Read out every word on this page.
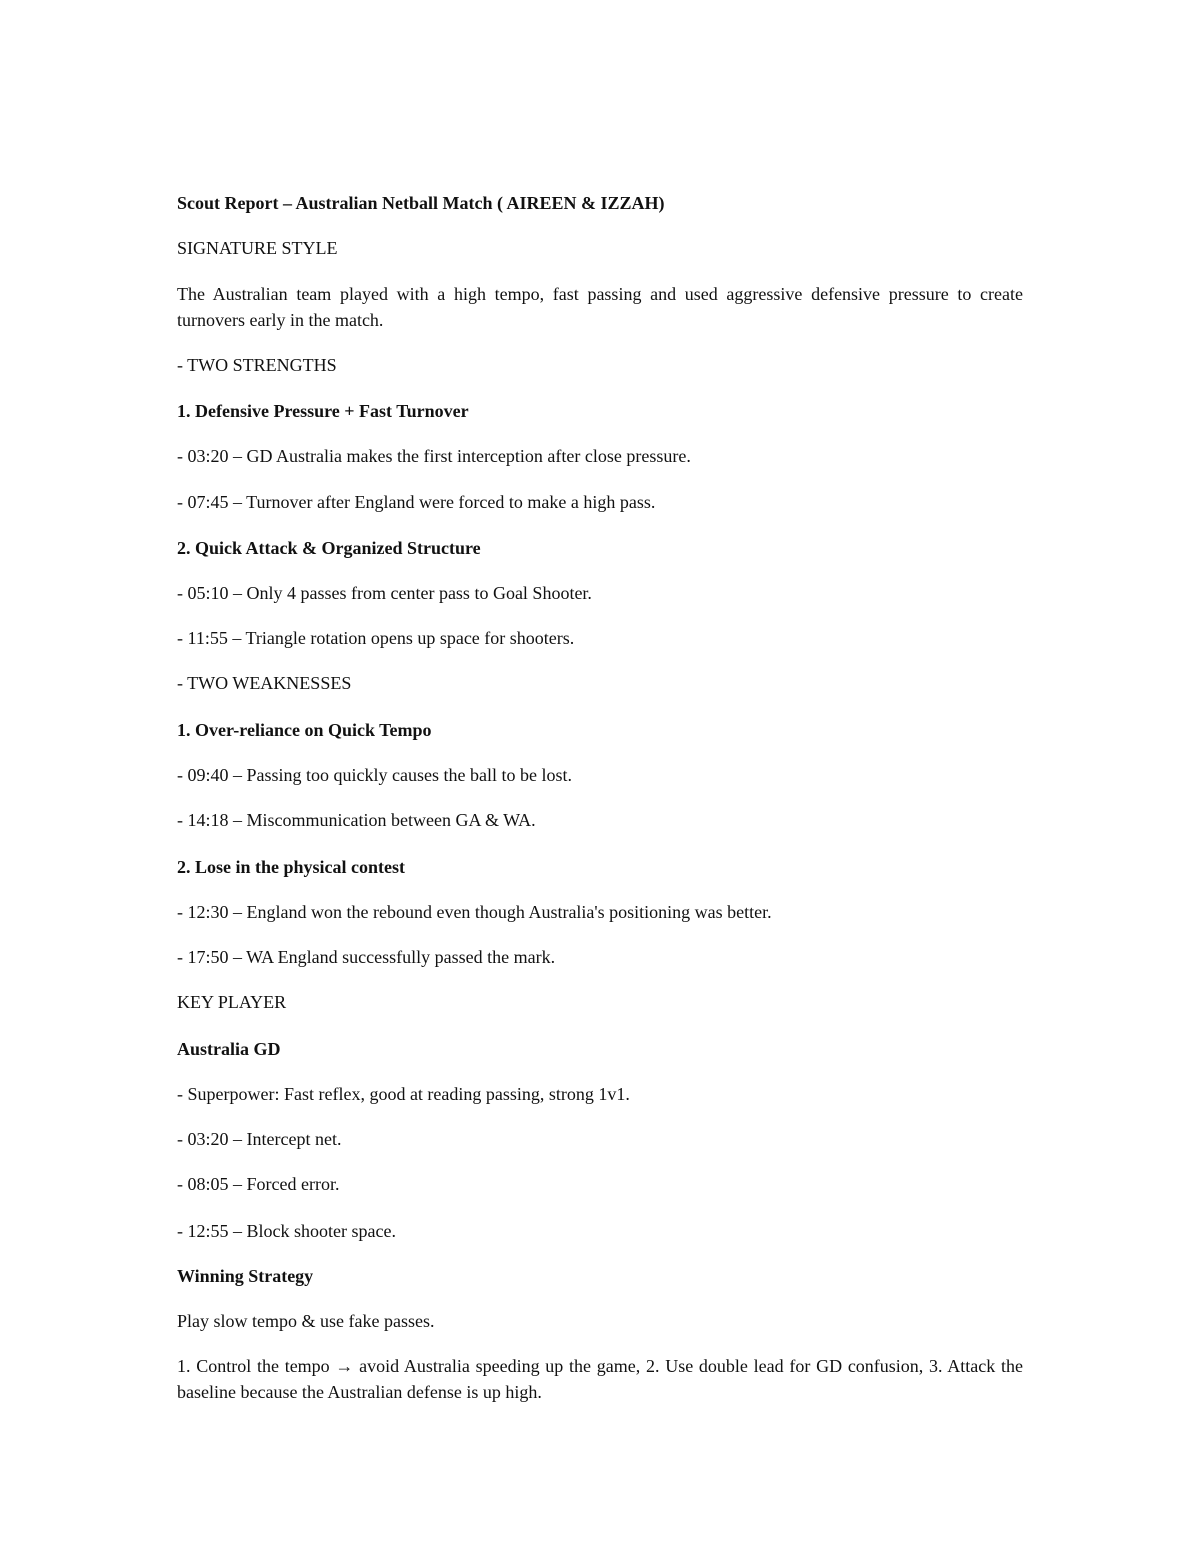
Scout Report – Australian Netball Match ( AIREEN & IZZAH)
SIGNATURE STYLE
The Australian team played with a high tempo, fast passing and used aggressive defensive pressure to create turnovers early in the match.
- TWO STRENGTHS
1. Defensive Pressure + Fast Turnover
- 03:20 – GD Australia makes the first interception after close pressure.
- 07:45 – Turnover after England were forced to make a high pass.
2. Quick Attack & Organized Structure
- 05:10 – Only 4 passes from center pass to Goal Shooter.
- 11:55 – Triangle rotation opens up space for shooters.
- TWO WEAKNESSES
1. Over-reliance on Quick Tempo
- 09:40 – Passing too quickly causes the ball to be lost.
- 14:18 – Miscommunication between GA & WA.
2. Lose in the physical contest
- 12:30 – England won the rebound even though Australia's positioning was better.
- 17:50 – WA England successfully passed the mark.
KEY PLAYER
Australia GD
- Superpower: Fast reflex, good at reading passing, strong 1v1.
- 03:20 – Intercept net.
- 08:05 – Forced error.
- 12:55 – Block shooter space.
Winning Strategy
Play slow tempo & use fake passes.
1. Control the tempo → avoid Australia speeding up the game, 2. Use double lead for GD confusion, 3. Attack the baseline because the Australian defense is up high.
